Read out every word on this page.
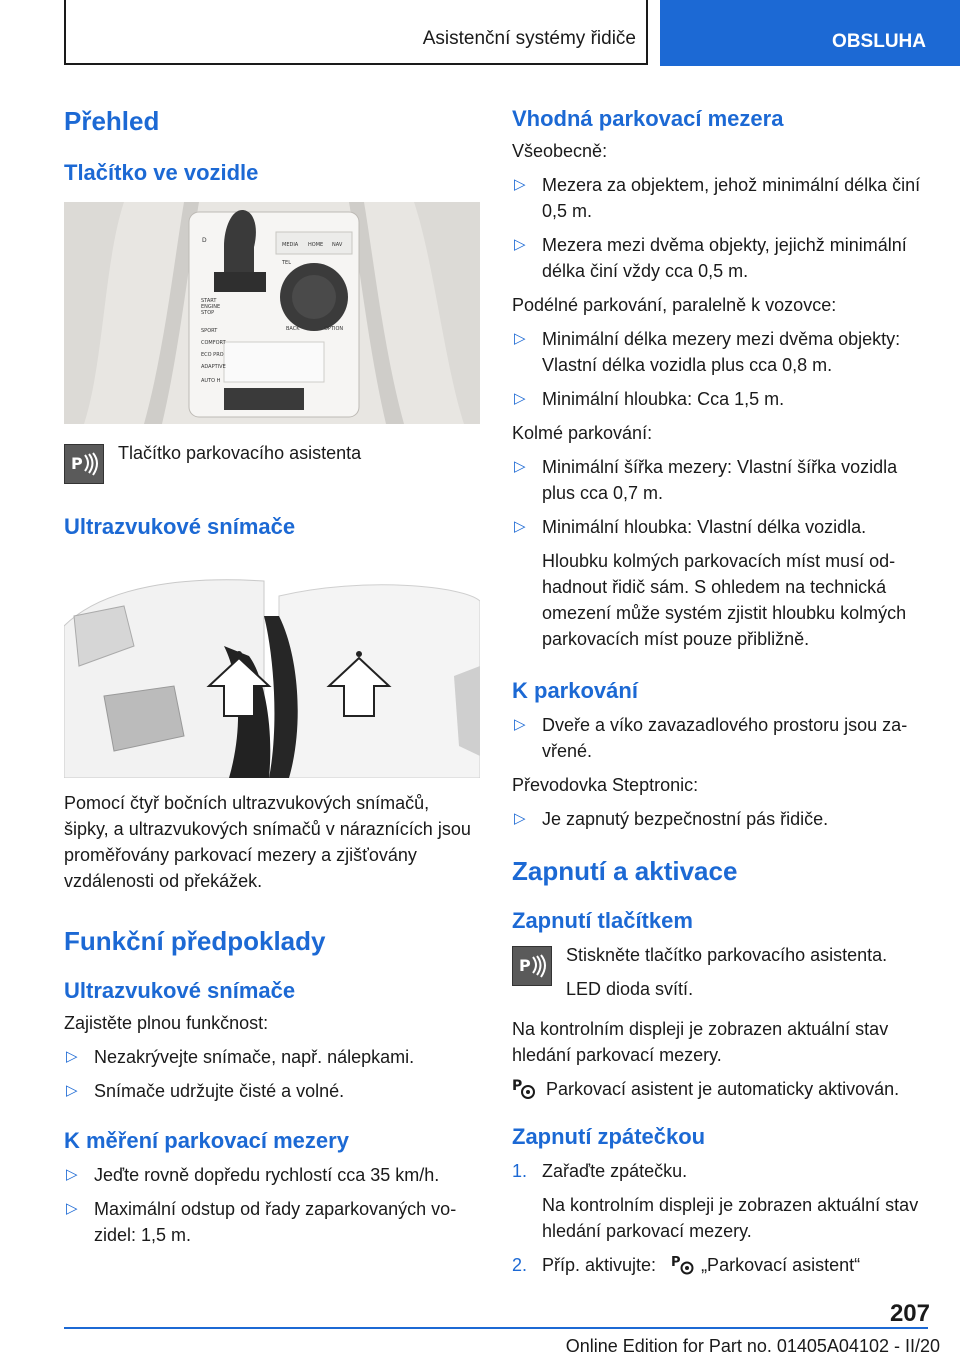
Asistenční systémy řidiče	OBSLUHA
Přehled
Tlačítko ve vozidle
D
MEDIA HOME NAV
TEL
BACK	OPTION
START
ENGINE
STOP
SPORT
COMFORT
ECO PRO
ADAPTIVE
AUTO H
P
Tlačítko parkovacího asistenta
Ultrazvukové snímače
Pomocí čtyř bočních ultrazvukových snímačů, šipky, a ultrazvukových snímačů v náraznících jsou proměřovány parkovací mezery a zjišťovány vzdálenosti od překážek.
Funkční předpoklady
Ultrazvukové snímače
Zajistěte plnou funkčnost:
▷ Nezakrývejte snímače, např. nálepkami.
▷ Snímače udržujte čisté a volné.
K měření parkovací mezery
▷ Jeďte rovně dopředu rychlostí cca 35 km/h.
▷ Maximální odstup od řady zaparkovaných vozidel: 1,5 m.
Vhodná parkovací mezera
Všeobecně:
▷ Mezera za objektem, jehož minimální délka činí 0,5 m.
▷ Mezera mezi dvěma objekty, jejichž minimální délka činí vždy cca 0,5 m.
Podélné parkování, paralelně k vozovce:
▷ Minimální délka mezery mezi dvěma objekty: Vlastní délka vozidla plus cca 0,8 m.
▷ Minimální hloubka: Cca 1,5 m.
Kolmé parkování:
▷ Minimální šířka mezery: Vlastní šířka vozidla plus cca 0,7 m.
▷ Minimální hloubka: Vlastní délka vozidla.
Hloubku kolmých parkovacích míst musí odhadnout řidič sám. S ohledem na technická omezení může systém zjistit hloubku kolmých parkovacích míst pouze přibližně.
K parkování
▷ Dveře a víko zavazadlového prostoru jsou zavřené.
Převodovka Steptronic:
▷ Je zapnutý bezpečnostní pás řidiče.
Zapnutí a aktivace
Zapnutí tlačítkem
P
Stiskněte tlačítko parkovacího asistenta.
LED dioda svítí.
Na kontrolním displeji je zobrazen aktuální stav hledání parkovací mezery.
P Parkovací asistent je automaticky aktivován.
Zapnutí zpátečkou
1. Zařaďte zpátečku.
Na kontrolním displeji je zobrazen aktuální stav hledání parkovací mezery.
2. Příp. aktivujte: P „Parkovací asistent“
207
Online Edition for Part no. 01405A04102 - II/20
